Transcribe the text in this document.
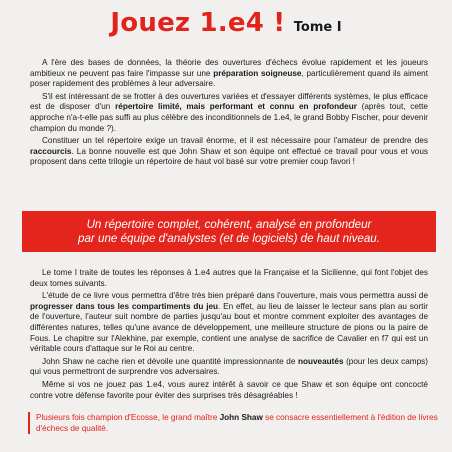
Jouez 1.e4 ! Tome I

A l'ère des bases de données, la théorie des ouvertures d'échecs évolue rapidement et les joueurs ambitieux ne peuvent pas faire l'impasse sur une préparation soigneuse, particulièrement quand ils aiment poser rapidement des problèmes à leur adversaire.

S'il est intéressant de se frotter à des ouvertures variées et d'essayer différents systèmes, le plus efficace est de disposer d'un répertoire limité, mais performant et connu en profondeur (après tout, cette approche n'a-t-elle pas suffi au plus célèbre des inconditionnels de 1.e4, le grand Bobby Fischer, pour devenir champion du monde ?).

Constituer un tel répertoire exige un travail énorme, et il est nécessaire pour l'amateur de prendre des raccourcis. La bonne nouvelle est que John Shaw et son équipe ont effectué ce travail pour vous et vous proposent dans cette trilogie un répertoire de haut vol basé sur votre premier coup favori !

Un répertoire complet, cohérent, analysé en profondeur
par une équipe d'analystes (et de logiciels) de haut niveau.

Le tome I traite de toutes les réponses à 1.e4 autres que la Française et la Sicilienne, qui font l'objet des deux tomes suivants.

L'étude de ce livre vous permettra d'être très bien préparé dans l'ouverture, mais vous permettra aussi de progresser dans tous les compartiments du jeu. En effet, au lieu de laisser le lecteur sans plan au sortir de l'ouverture, l'auteur suit nombre de parties jusqu'au bout et montre comment exploiter des avantages de différentes natures, telles qu'une avance de développement, une meilleure structure de pions ou la paire de Fous. Le chapitre sur l'Alekhine, par exemple, contient une analyse de sacrifice de Cavalier en f7 qui est un véritable cours d'attaque sur le Roi au centre.

John Shaw ne cache rien et dévoile une quantité impressionnante de nouveautés (pour les deux camps) qui vous permettront de surprendre vos adversaires.

Même si vos ne jouez pas 1.e4, vous aurez intérêt à savoir ce que Shaw et son équipe ont concocté contre votre défense favorite pour éviter des surprises très désagréables !

Plusieurs fois champion d'Ecosse, le grand maître John Shaw se consacre essentiellement à l'édition de livres d'échecs de qualité.
